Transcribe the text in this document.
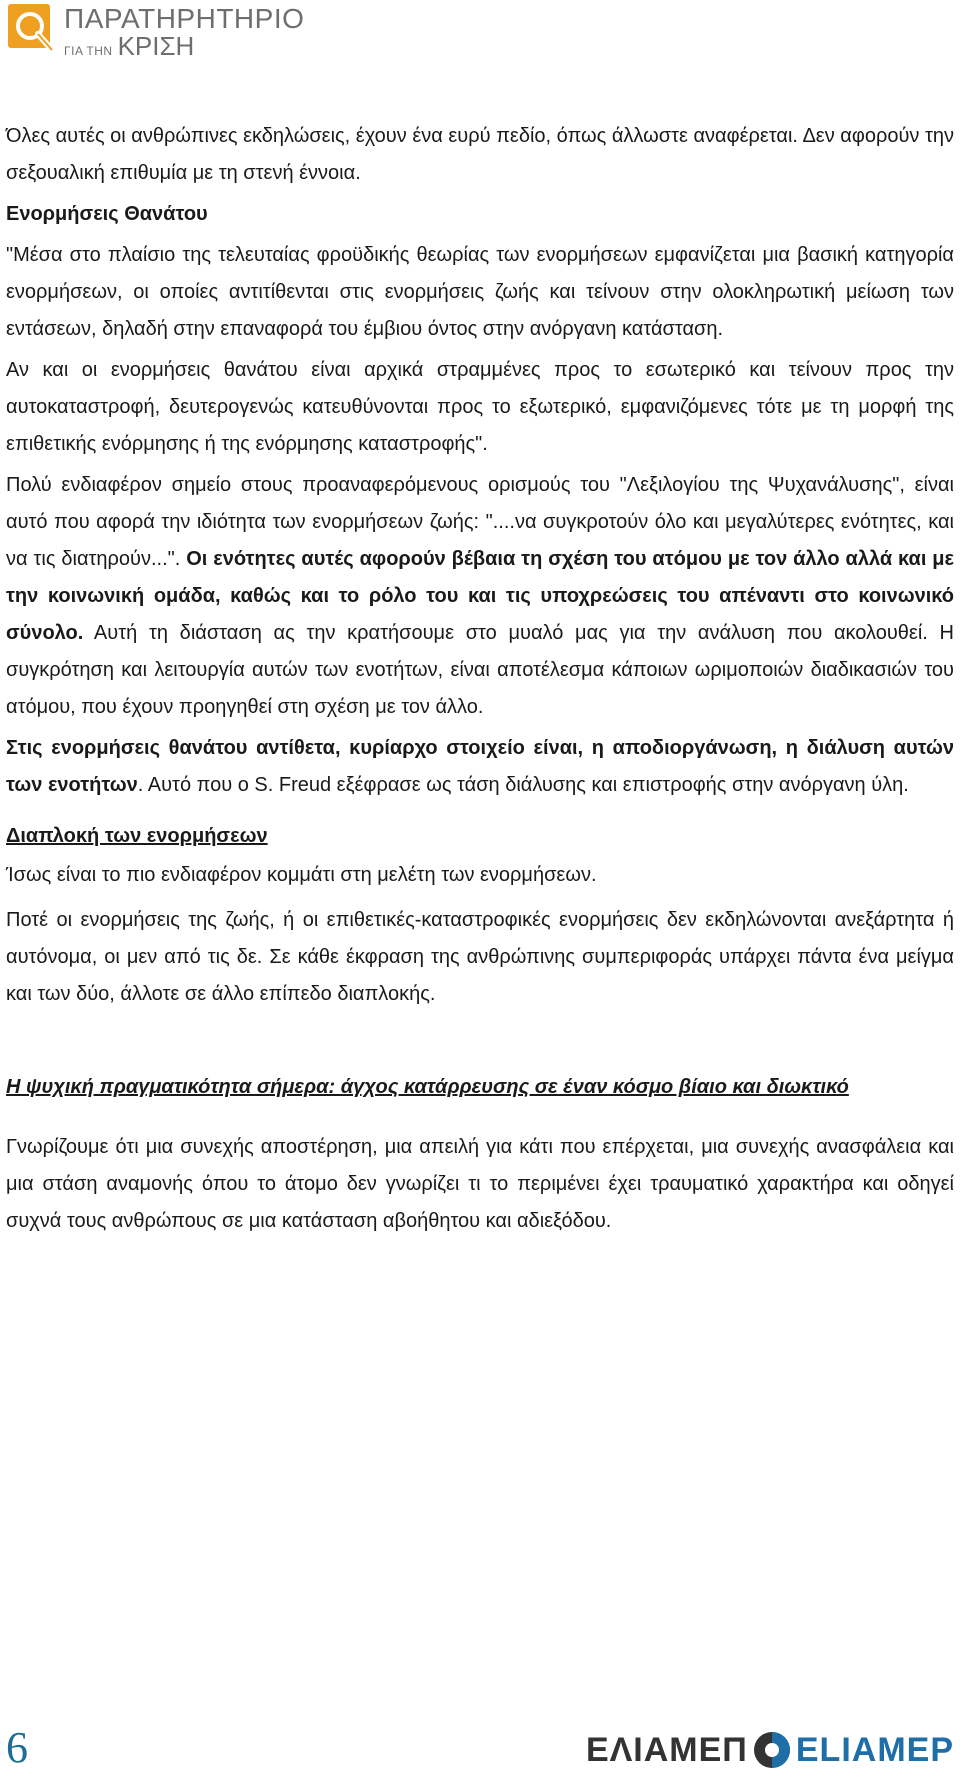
ΠΑΡΑΤΗΡΗΤΗΡΙΟ
ΓΙΑ ΤΗΝ ΚΡΙΣΗ

Όλες αυτές οι ανθρώπινες εκδηλώσεις, έχουν ένα ευρύ πεδίο, όπως άλλωστε αναφέρεται. Δεν αφορούν την σεξουαλική επιθυμία με τη στενή έννοια.

Ενορμήσεις Θανάτου

"Μέσα στο πλαίσιο της τελευταίας φροϋδικής θεωρίας των ενορμήσεων εμφανίζεται μια βασική κατηγορία ενορμήσεων, οι οποίες αντιτίθενται στις ενορμήσεις ζωής και τείνουν στην ολοκληρωτική μείωση των εντάσεων, δηλαδή στην επαναφορά του έμβιου όντος στην ανόργανη κατάσταση.

Αν και οι ενορμήσεις θανάτου είναι αρχικά στραμμένες προς το εσωτερικό και τείνουν προς την αυτοκαταστροφή, δευτερογενώς κατευθύνονται προς το εξωτερικό, εμφανιζόμενες τότε με τη μορφή της επιθετικής ενόρμησης ή της ενόρμησης καταστροφής".

Πολύ ενδιαφέρον σημείο στους προαναφερόμενους ορισμούς του "Λεξιλογίου της Ψυχανάλυσης", είναι αυτό που αφορά την ιδιότητα των ενορμήσεων ζωής: "....να συγκροτούν όλο και μεγαλύτερες ενότητες, και να τις διατηρούν...". Οι ενότητες αυτές αφορούν βέβαια τη σχέση του ατόμου με τον άλλο αλλά και με την κοινωνική ομάδα, καθώς και το ρόλο του και τις υποχρεώσεις του απέναντι στο κοινωνικό σύνολο. Αυτή τη διάσταση ας την κρατήσουμε στο μυαλό μας για την ανάλυση που ακολουθεί. Η συγκρότηση και λειτουργία αυτών των ενοτήτων, είναι αποτέλεσμα κάποιων ωριμοποιών διαδικασιών του ατόμου, που έχουν προηγηθεί στη σχέση με τον άλλο.

Στις ενορμήσεις θανάτου αντίθετα, κυρίαρχο στοιχείο είναι, η αποδιοργάνωση, η διάλυση αυτών των ενοτήτων. Αυτό που ο S. Freud εξέφρασε ως τάση διάλυσης και επιστροφής στην ανόργανη ύλη.

Διαπλοκή των ενορμήσεων

Ίσως είναι το πιο ενδιαφέρον κομμάτι στη μελέτη των ενορμήσεων.

Ποτέ οι ενορμήσεις της ζωής, ή οι επιθετικές-καταστροφικές ενορμήσεις δεν εκδηλώνονται ανεξάρτητα ή αυτόνομα, οι μεν από τις δε. Σε κάθε έκφραση της ανθρώπινης συμπεριφοράς υπάρχει πάντα ένα μείγμα και των δύο, άλλοτε σε άλλο επίπεδο διαπλοκής.

Η ψυχική πραγματικότητα σήμερα: άγχος κατάρρευσης σε έναν κόσμο βίαιο και διωκτικό

Γνωρίζουμε ότι μια συνεχής αποστέρηση, μια απειλή για κάτι που επέρχεται, μια συνεχής ανασφάλεια και μια στάση αναμονής όπου το άτομο δεν γνωρίζει τι το περιμένει έχει τραυματικό χαρακτήρα και οδηγεί συχνά τους ανθρώπους σε μια κατάσταση αβοήθητου και αδιεξόδου.

6	ΕΛΙΑΜΕΠ ELIAMEP
